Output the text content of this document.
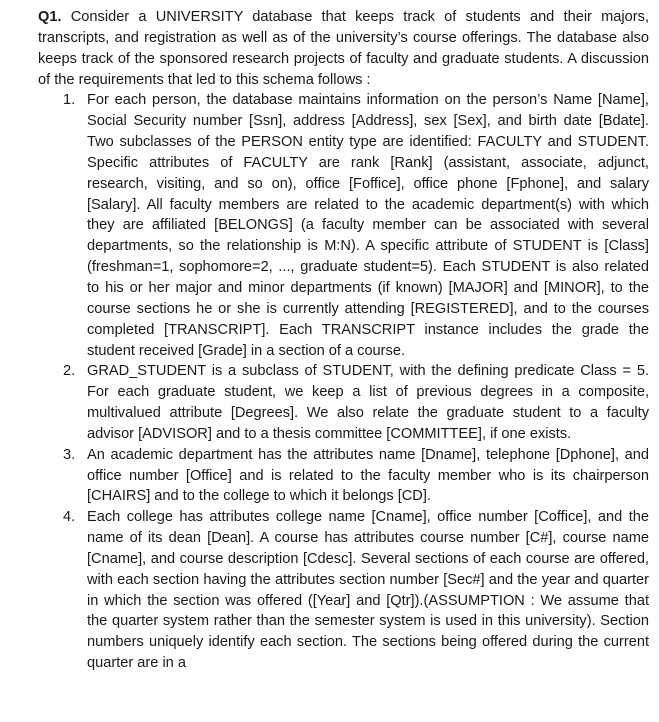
Q1. Consider a UNIVERSITY database that keeps track of students and their majors, transcripts, and registration as well as of the university’s course offerings. The database also keeps track of the sponsored research projects of faculty and graduate students. A discussion of the requirements that led to this schema follows :

1. For each person, the database maintains information on the person’s Name [Name], Social Security number [Ssn], address [Address], sex [Sex], and birth date [Bdate]. Two subclasses of the PERSON entity type are identified: FACULTY and STUDENT. Specific attributes of FACULTY are rank [Rank] (assistant, associate, adjunct, research, visiting, and so on), office [Foffice], office phone [Fphone], and salary [Salary]. All faculty members are related to the academic department(s) with which they are affiliated [BELONGS] (a faculty member can be associated with several departments, so the relationship is M:N). A specific attribute of STUDENT is [Class] (freshman=1, sophomore=2, ..., graduate student=5). Each STUDENT is also related to his or her major and minor departments (if known) [MAJOR] and [MINOR], to the course sections he or she is currently attending [REGISTERED], and to the courses completed [TRANSCRIPT]. Each TRANSCRIPT instance includes the grade the student received [Grade] in a section of a course.
2. GRAD_STUDENT is a subclass of STUDENT, with the defining predicate Class = 5. For each graduate student, we keep a list of previous degrees in a composite, multivalued attribute [Degrees]. We also relate the graduate student to a faculty advisor [ADVISOR] and to a thesis committee [COMMITTEE], if one exists.
3. An academic department has the attributes name [Dname], telephone [Dphone], and office number [Office] and is related to the faculty member who is its chairperson [CHAIRS] and to the college to which it belongs [CD].
4. Each college has attributes college name [Cname], office number [Coffice], and the name of its dean [Dean]. A course has attributes course number [C#], course name [Cname], and course description [Cdesc]. Several sections of each course are offered, with each section having the attributes section number [Sec#] and the year and quarter in which the section was offered ([Year] and [Qtr]).(ASSUMPTION : We assume that the quarter system rather than the semester system is used in this university). Section numbers uniquely identify each section. The sections being offered during the current quarter are in a
